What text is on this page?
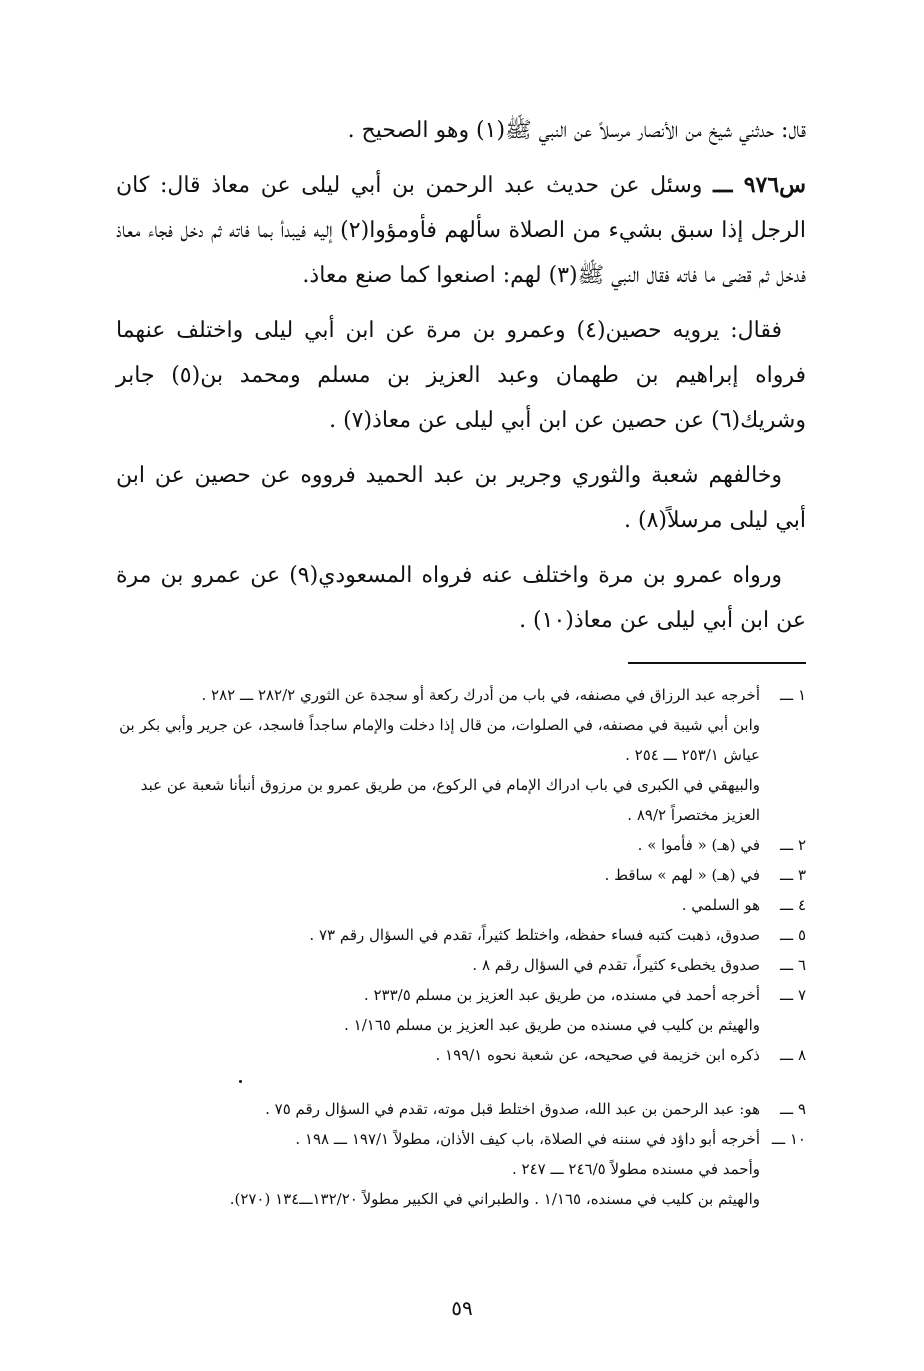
قال: حدثني شيخ من الأنصار مرسلاً عن النبي ﷺ(١) وهو الصحيح .

س٩٧٦ ـــ وسئل عن حديث عبد الرحمن بن أبي ليلى عن معاذ قال: كان الرجل إذا سبق بشيء من الصلاة سألهم فأومؤوا(٢) إليه فيبدأ بما فاته ثم دخل فجاء معاذ فدخل ثم قضى ما فاته فقال النبي ﷺ(٣) لهم: اصنعوا كما صنع معاذ.

فقال: يرويه حصين(٤) وعمرو بن مرة عن ابن أبي ليلى واختلف عنهما فرواه إبراهيم بن طهمان وعبد العزيز بن مسلم ومحمد بن(٥) جابر وشريك(٦) عن حصين عن ابن أبي ليلى عن معاذ(٧) .

وخالفهم شعبة والثوري وجرير بن عبد الحميد فرووه عن حصين عن ابن أبي ليلى مرسلاً(٨) .

ورواه عمرو بن مرة واختلف عنه فرواه المسعودي(٩) عن عمرو بن مرة عن ابن أبي ليلى عن معاذ(١٠) .

١ ـــ
أخرجه عبد الرزاق في مصنفه، في باب من أدرك ركعة أو سجدة عن الثوري ٢٨٢/٢ ـــ ٢٨٢ .
وابن أبي شيبة في مصنفه، في الصلوات، من قال إذا دخلت والإمام ساجداً فاسجد، عن جرير وأبي بكر بن عياش ٢٥٣/١ ـــ ٢٥٤ .
والبيهقي في الكبرى في باب ادراك الإمام في الركوع، من طريق عمرو بن مرزوق أنبأنا شعبة عن عبد العزيز مختصراً ٨٩/٢ .
٢ ـــ
في (هـ) « فأموا » .
٣ ـــ
في (هـ) « لهم » ساقط .
٤ ـــ
هو السلمي .
٥ ـــ
صدوق، ذهبت كتبه فساء حفظه، واختلط كثيراً، تقدم في السؤال رقم ٧٣ .
٦ ـــ
صدوق يخطىء كثيراً، تقدم في السؤال رقم ٨ .
٧ ـــ
أخرجه أحمد في مسنده، من طريق عبد العزيز بن مسلم ٢٣٣/٥ .
والهيثم بن كليب في مسنده من طريق عبد العزيز بن مسلم ١/١٦٥ .
٨ ـــ
ذكره ابن خزيمة في صحيحه، عن شعبة نحوه ١٩٩/١ .
٩ ـــ
هو: عبد الرحمن بن عبد الله، صدوق اختلط قبل موته، تقدم في السؤال رقم ٧٥ .
١٠ ـــ
أخرجه أبو داؤد في سننه في الصلاة، باب كيف الأذان، مطولاً ١٩٧/١ ـــ ١٩٨ .
وأحمد في مسنده مطولاً ٢٤٦/٥ ـــ ٢٤٧ .
والهيثم بن كليب في مسنده، ١/١٦٥ . والطبراني في الكبير مطولاً ١٣٢/٢٠ـــ١٣٤ (٢٧٠).
٥٩
